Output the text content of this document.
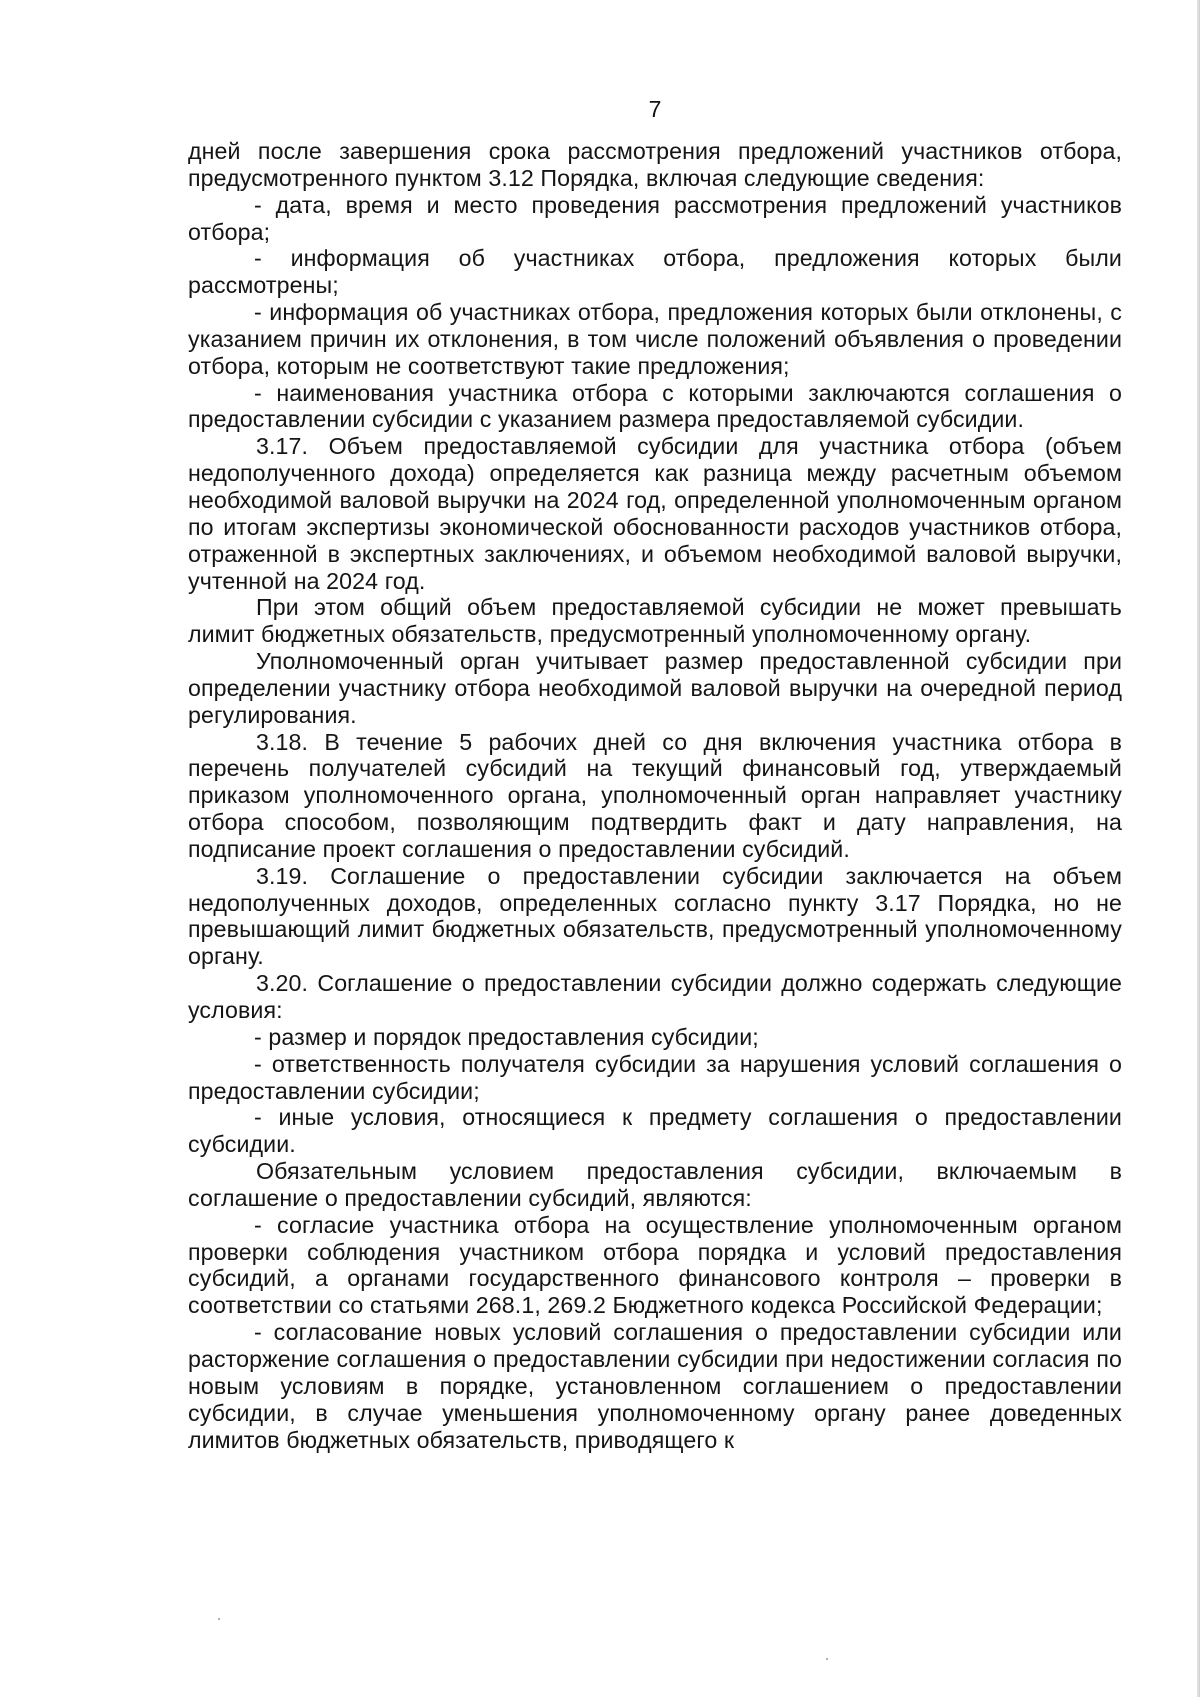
7

дней после завершения срока рассмотрения предложений участников отбора, предусмотренного пунктом 3.12 Порядка, включая следующие сведения:

- дата, время и место проведения рассмотрения предложений участников отбора;

- информация об участниках отбора, предложения которых были рассмотрены;

- информация об участниках отбора, предложения которых были отклонены, с указанием причин их отклонения, в том числе положений объявления о проведении отбора, которым не соответствуют такие предложения;

- наименования участника отбора с которыми заключаются соглашения о предоставлении субсидии с указанием размера предоставляемой субсидии.

3.17. Объем предоставляемой субсидии для участника отбора (объем недополученного дохода) определяется как разница между расчетным объемом необходимой валовой выручки на 2024 год, определенной уполномоченным органом по итогам экспертизы экономической обоснованности расходов участников отбора, отраженной в экспертных заключениях, и объемом необходимой валовой выручки, учтенной на 2024 год.

При этом общий объем предоставляемой субсидии не может превышать лимит бюджетных обязательств, предусмотренный уполномоченному органу.

Уполномоченный орган учитывает размер предоставленной субсидии при определении участнику отбора необходимой валовой выручки на очередной период регулирования.

3.18. В течение 5 рабочих дней со дня включения участника отбора в перечень получателей субсидий на текущий финансовый год, утверждаемый приказом уполномоченного органа, уполномоченный орган направляет участнику отбора способом, позволяющим подтвердить факт и дату направления, на подписание проект соглашения о предоставлении субсидий.

3.19. Соглашение о предоставлении субсидии заключается на объем недополученных доходов, определенных согласно пункту 3.17 Порядка, но не превышающий лимит бюджетных обязательств, предусмотренный уполномоченному органу.

3.20. Соглашение о предоставлении субсидии должно содержать следующие условия:

- размер и порядок предоставления субсидии;

- ответственность получателя субсидии за нарушения условий соглашения о предоставлении субсидии;

- иные условия, относящиеся к предмету соглашения о предоставлении субсидии.

Обязательным условием предоставления субсидии, включаемым в соглашение о предоставлении субсидий, являются:

- согласие участника отбора на осуществление уполномоченным органом проверки соблюдения участником отбора порядка и условий предоставления субсидий, а органами государственного финансового контроля – проверки в соответствии со статьями 268.1, 269.2 Бюджетного кодекса Российской Федерации;

- согласование новых условий соглашения о предоставлении субсидии или расторжение соглашения о предоставлении субсидии при недостижении согласия по новым условиям в порядке, установленном соглашением о предоставлении субсидии, в случае уменьшения уполномоченному органу ранее доведенных лимитов бюджетных обязательств, приводящего к
